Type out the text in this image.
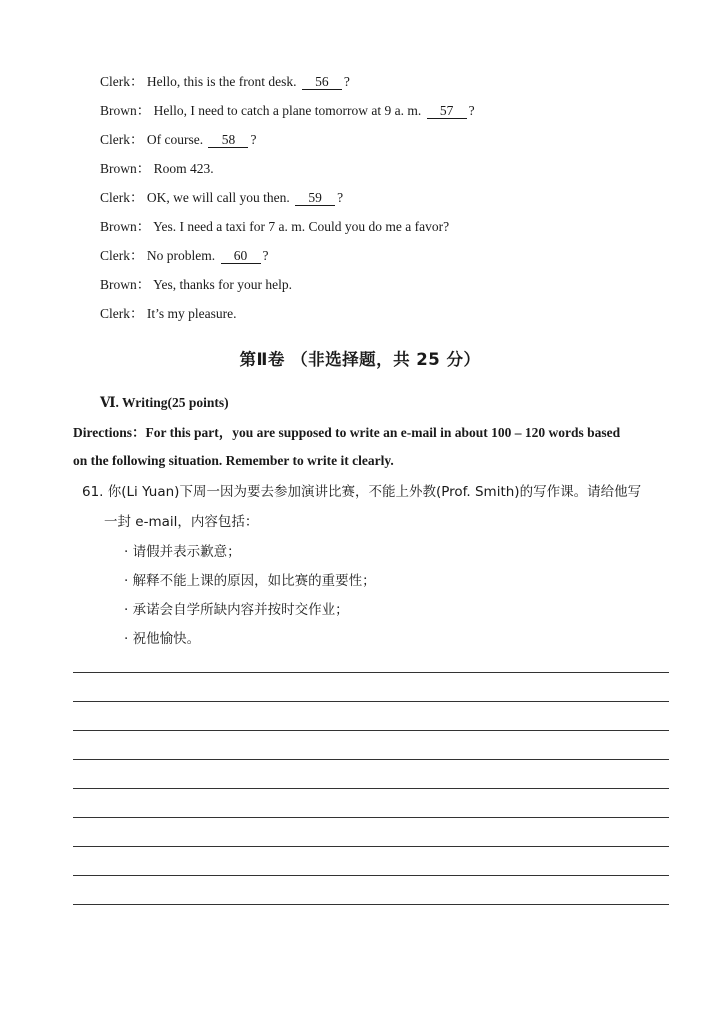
Clerk： Hello, this is the front desk. 56 ?
Brown： Hello, I need to catch a plane tomorrow at 9 a. m. 57 ?
Clerk： Of course. 58 ?
Brown： Room 423.
Clerk： OK, we will call you then. 59 ?
Brown： Yes. I need a taxi for 7 a. m. Could you do me a favor?
Clerk： No problem. 60 ?
Brown： Yes, thanks for your help.
Clerk： It’s my pleasure.
第Ⅱ卷 （非选择题，共 25 分）
Ⅵ. Writing(25 points)
Directions：For this part，you are supposed to write an e-mail in about 100 – 120 words based
on the following situation. Remember to write it clearly.
61. 你(Li Yuan)下周一因为要去参加演讲比赛，不能上外教(Prof. Smith)的写作课。请给他写
一封 e-mail，内容包括：
· 请假并表示歉意；
· 解释不能上课的原因，如比赛的重要性；
· 承诺会自学所缺内容并按时交作业；
· 祝他愉快。
